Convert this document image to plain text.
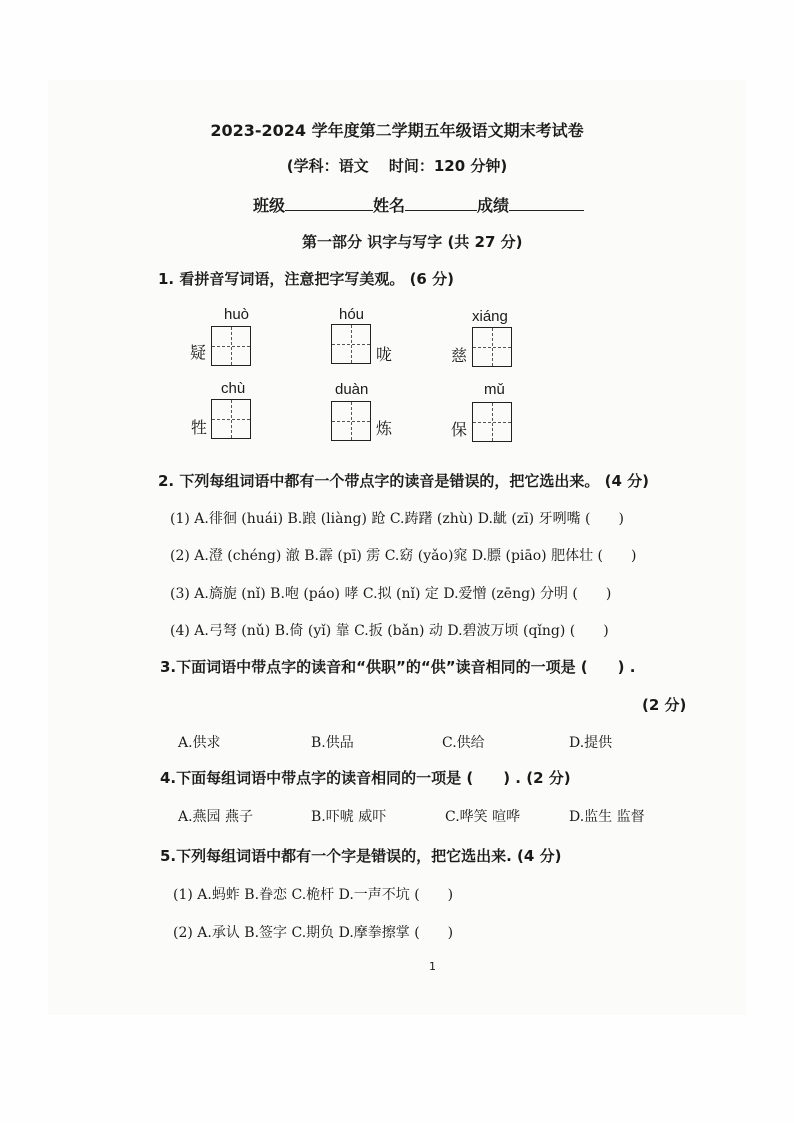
2023-2024 学年度第二学期五年级语文期末考试卷
(学科：语文　 时间：120 分钟)
班级	姓名	成绩
第一部分 识字与写字 (共 27 分)
1. 看拼音写词语，注意把字写美观。 (6 分)
huò
疑
hóu
咙
xiáng
慈
chù
牲
duàn
炼
mǔ
保
2. 下列每组词语中都有一个带点字的读音是错误的，把它选出来。 (4 分)
(1) A.徘徊 (huái) B.踉 (liàng) 跄 C.踌躇 (zhù) D.龇 (zī) 牙咧嘴 (　　)
(2) A.澄 (chéng) 澈 B.霹 (pī) 雳 C.窈 (yǎo)窕 D.膘 (piāo) 肥体壮 (　　)
(3) A.旖旎 (nǐ) B.咆 (páo) 哮 C.拟 (nǐ) 定 D.爱憎 (zēng) 分明 (　　)
(4) A.弓弩 (nǔ) B.倚 (yǐ) 靠 C.扳 (bǎn) 动 D.碧波万顷 (qǐng) (　　)
3.下面词语中带点字的读音和“供职”的“供”读音相同的一项是 (　　) .
(2 分)
A.供求	B.供品	C.供给	D.提供
4.下面每组词语中带点字的读音相同的一项是 (　　) . (2 分)
A.燕园 燕子	B.吓唬 威吓	C.哗笑 喧哗	D.监生 监督
5.下列每组词语中都有一个字是错误的，把它选出来. (4 分)
(1) A.蚂蚱 B.眷恋 C.桅杆 D.一声不坑 (　　)
(2) A.承认 B.签字 C.期负 D.摩拳擦掌 (　　)
1
